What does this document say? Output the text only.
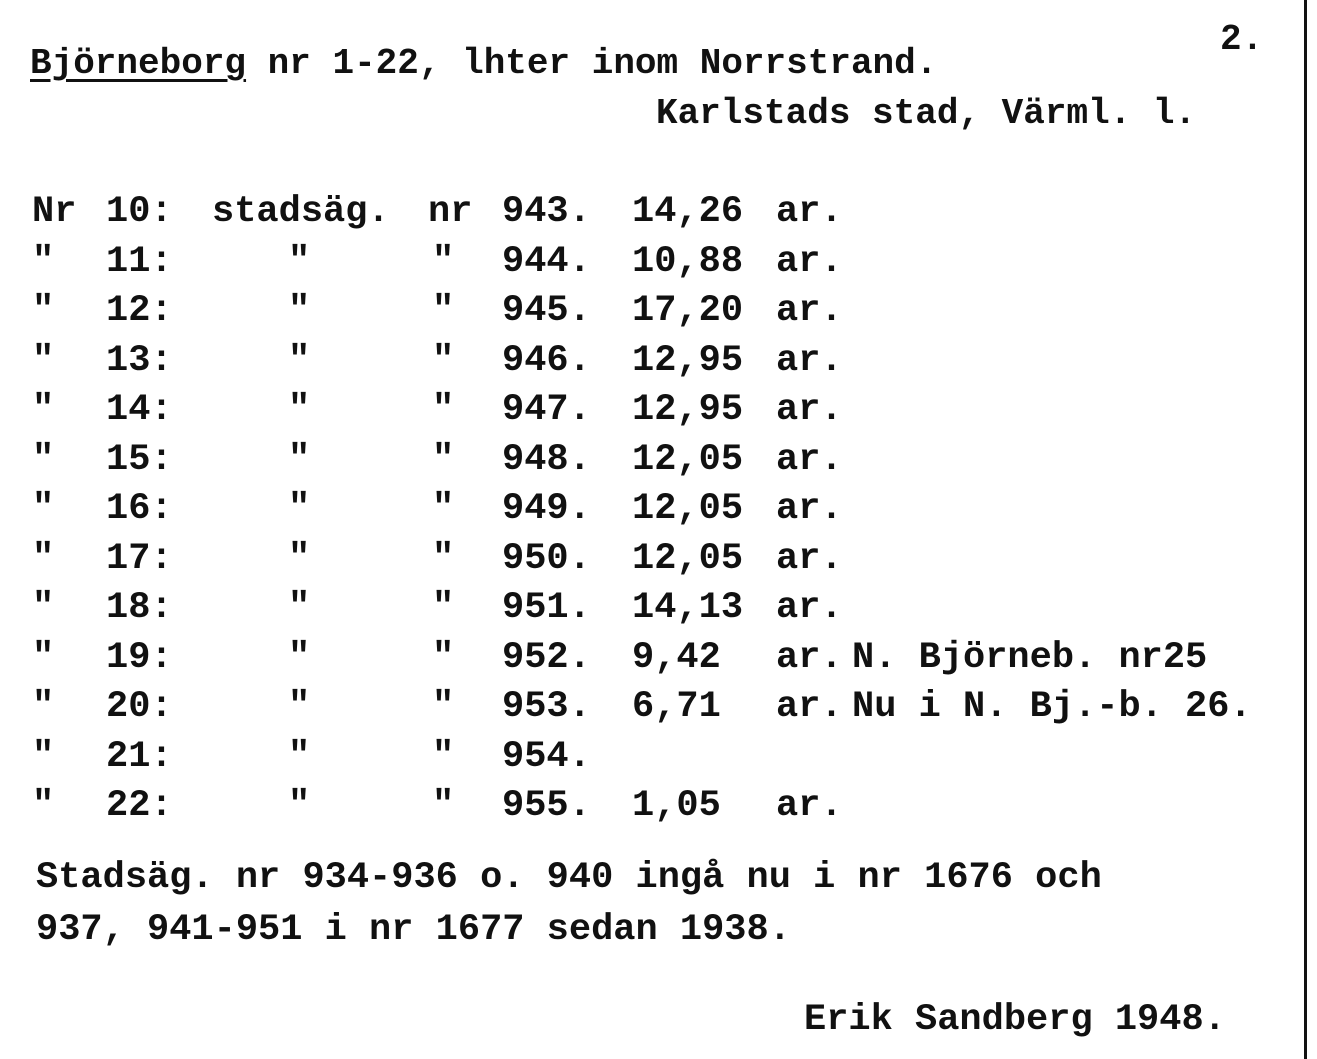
2.
Björneborg nr 1-22, lhter inom Norrstrand.
Karlstads stad, Värml. l.
Nr 10: stadsäg. nr 943. 14,26 ar.
" 11:	"	" 944. 10,88 ar.
" 12:	"	" 945. 17,20 ar.
" 13:	"	" 946. 12,95 ar.
" 14:	"	" 947. 12,95 ar.
" 15:	"	" 948. 12,05 ar.
" 16:	"	" 949. 12,05 ar.
" 17:	"	" 950. 12,05 ar.
" 18:	"	" 951. 14,13 ar.
" 19:	"	" 952. 9,42 ar. N. Björneb. nr25
" 20:	"	" 953. 6,71 ar. Nu i N. Bj.-b. 26.
" 21:	"	" 954.
" 22:	"	" 955. 1,05 ar.
Stadsäg. nr 934-936 o. 940 ingå nu i nr 1676 och
937, 941-951 i nr 1677 sedan 1938.
Erik Sandberg 1948.
